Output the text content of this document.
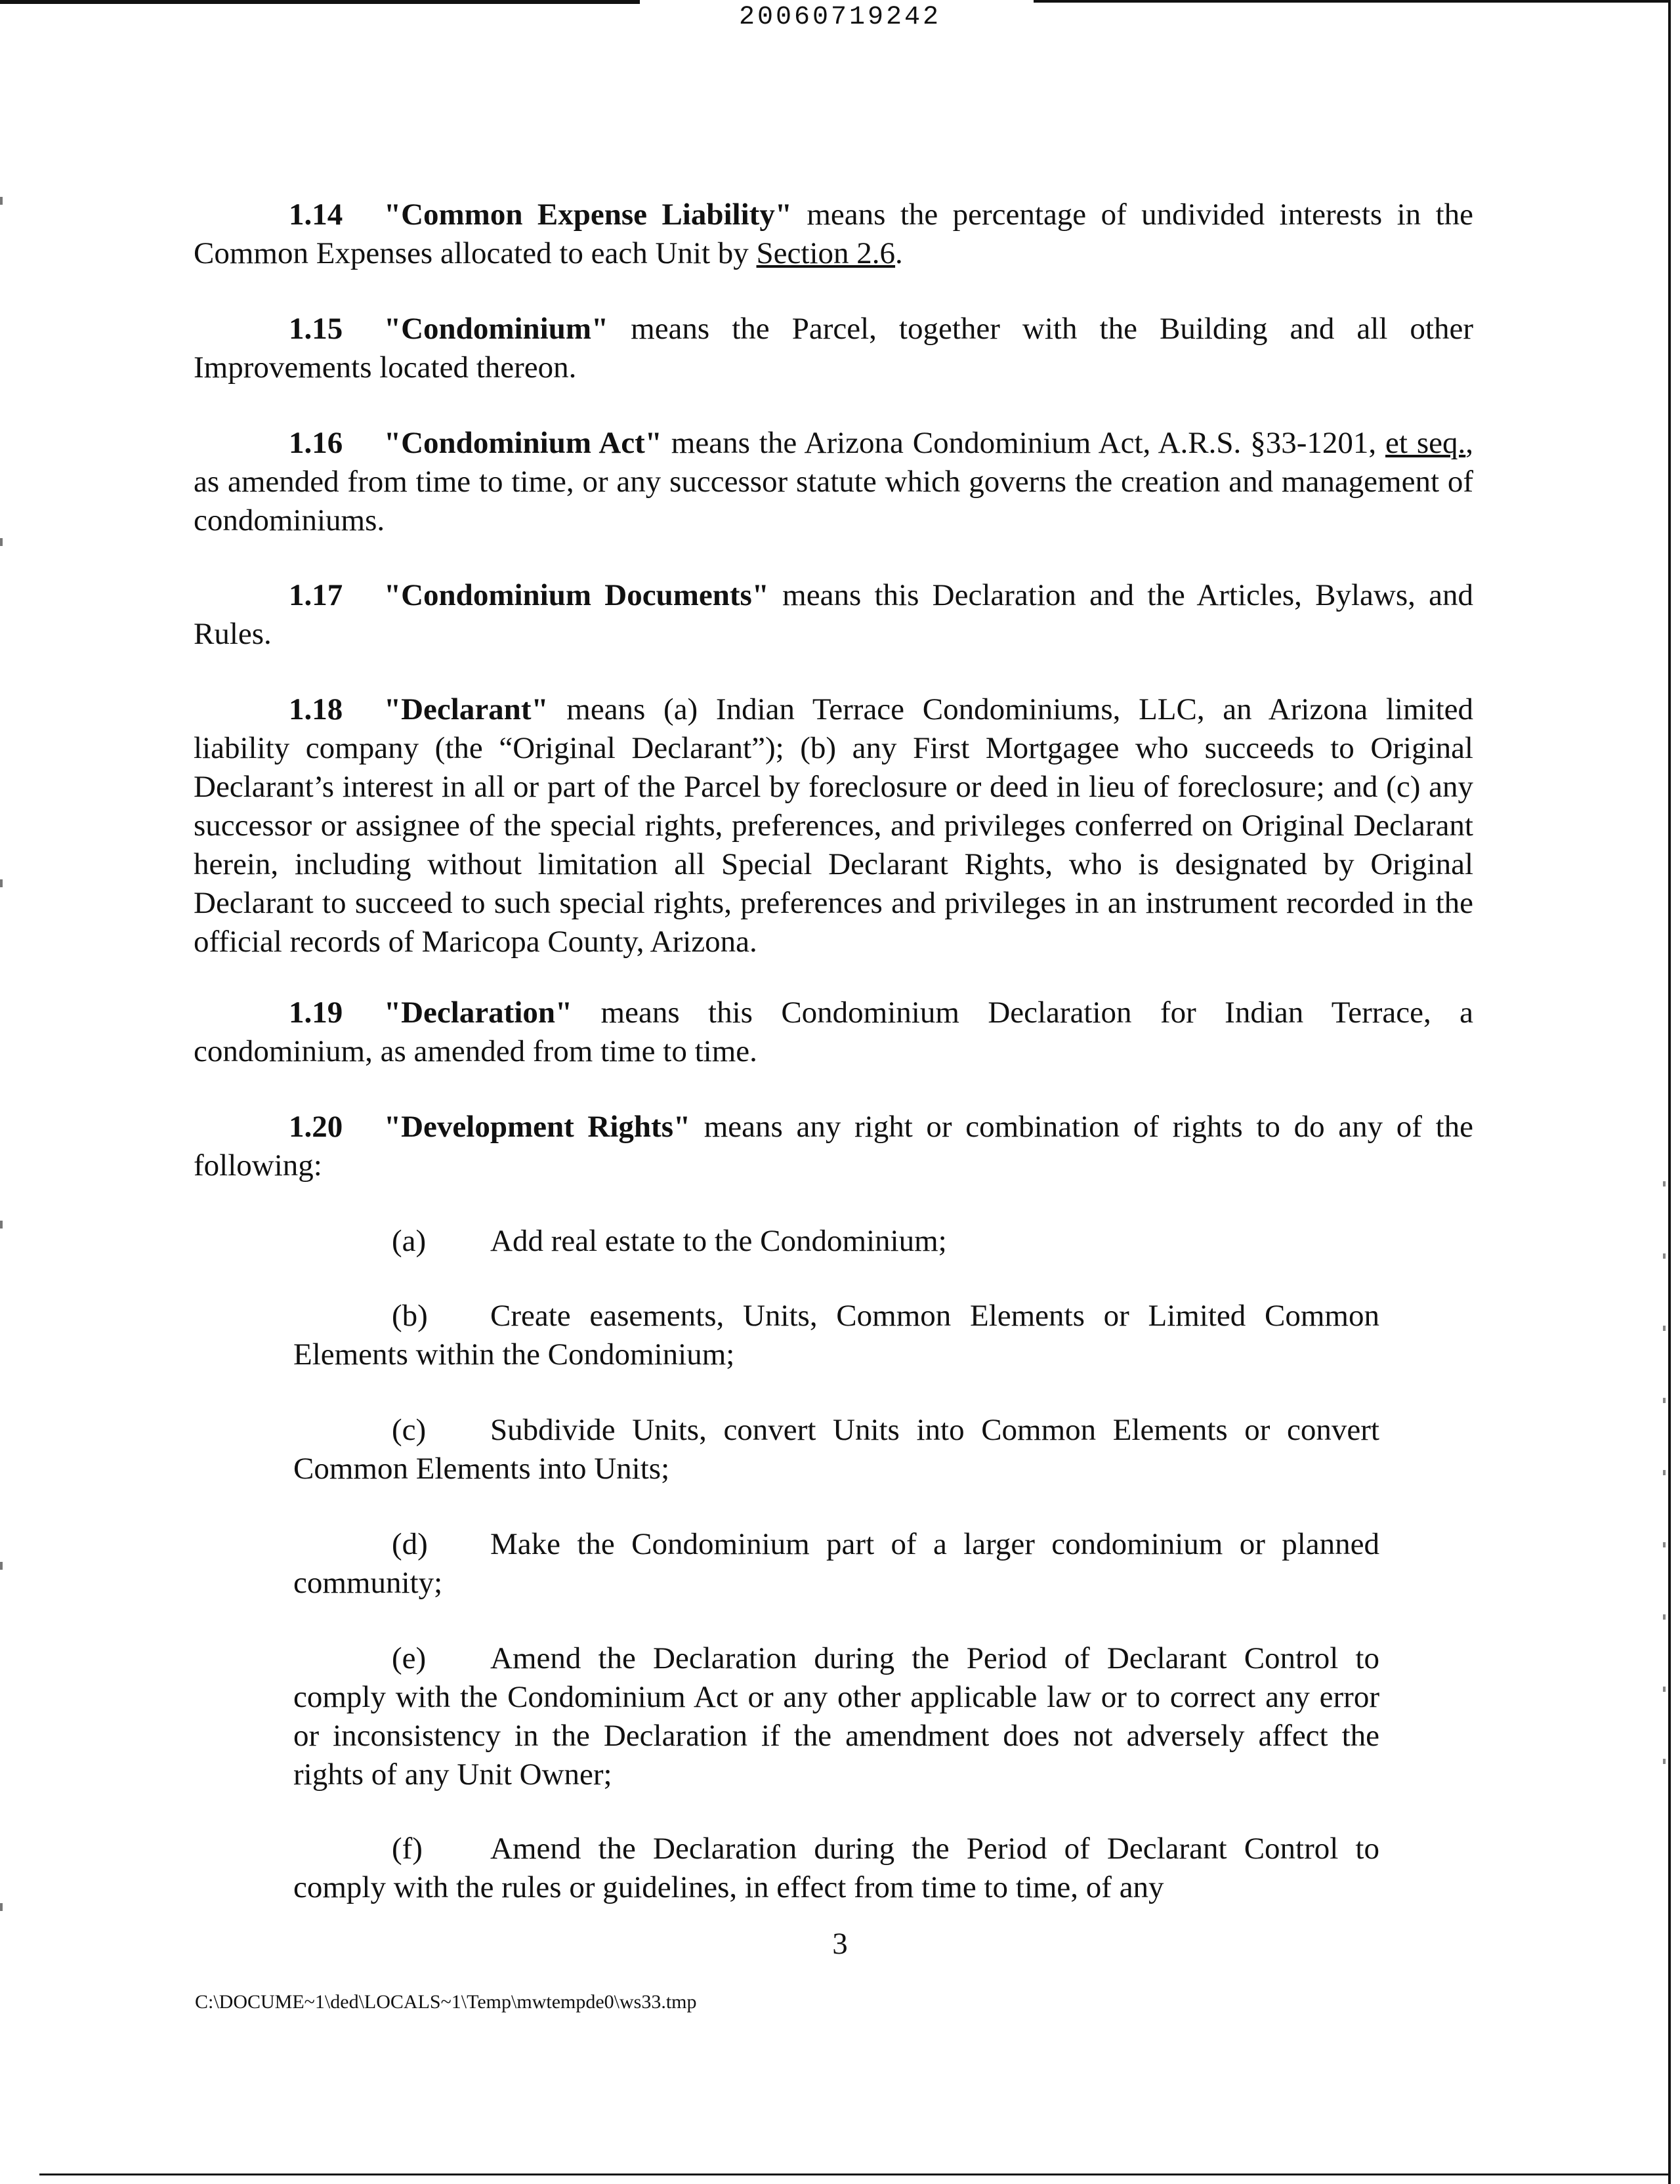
20060719242

1.14 "Common Expense Liability" means the percentage of undivided interests in the Common Expenses allocated to each Unit by Section 2.6.

1.15 "Condominium" means the Parcel, together with the Building and all other Improvements located thereon.

1.16 "Condominium Act" means the Arizona Condominium Act, A.R.S. §33-1201, et seq., as amended from time to time, or any successor statute which governs the creation and management of condominiums.

1.17 "Condominium Documents" means this Declaration and the Articles, Bylaws, and Rules.

1.18 "Declarant" means (a) Indian Terrace Condominiums, LLC, an Arizona limited liability company (the “Original Declarant”); (b) any First Mortgagee who succeeds to Original Declarant’s interest in all or part of the Parcel by foreclosure or deed in lieu of foreclosure; and (c) any successor or assignee of the special rights, preferences, and privileges conferred on Original Declarant herein, including without limitation all Special Declarant Rights, who is designated by Original Declarant to succeed to such special rights, preferences and privileges in an instrument recorded in the official records of Maricopa County, Arizona.

1.19 "Declaration" means this Condominium Declaration for Indian Terrace, a condominium, as amended from time to time.

1.20 "Development Rights" means any right or combination of rights to do any of the following:

(a) Add real estate to the Condominium;

(b) Create easements, Units, Common Elements or Limited Common Elements within the Condominium;

(c) Subdivide Units, convert Units into Common Elements or convert Common Elements into Units;

(d) Make the Condominium part of a larger condominium or planned community;

(e) Amend the Declaration during the Period of Declarant Control to comply with the Condominium Act or any other applicable law or to correct any error or inconsistency in the Declaration if the amendment does not adversely affect the rights of any Unit Owner;

(f) Amend the Declaration during the Period of Declarant Control to comply with the rules or guidelines, in effect from time to time, of any

3
C:\DOCUME~1\ded\LOCALS~1\Temp\mwtempde0\ws33.tmp
